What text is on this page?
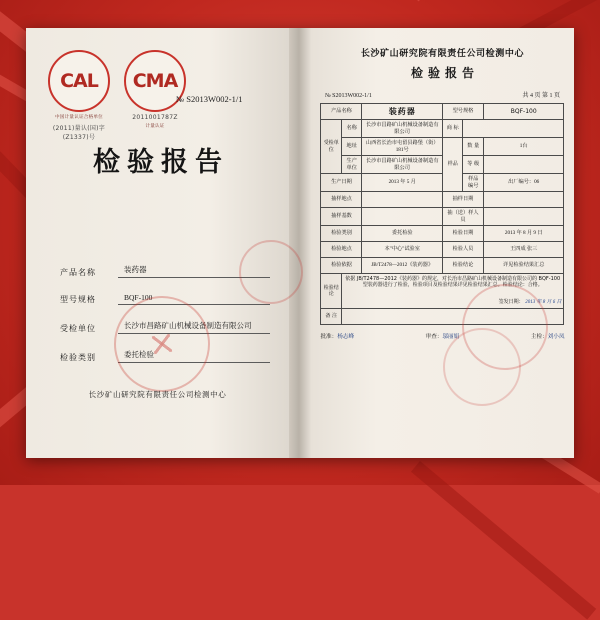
CAL
中国计量认证合格单位
(2011)量认(国)字(Z1337)号
CMA
2011001787Z
计量认证
№ S2013W002-1/1
检验报告
产品名称	装药器
型号规格	BQF-100
受检单位	长沙市昌路矿山机械设备制造有限公司
检验类别	委托检验
长沙矿山研究院有限责任公司检测中心
长沙矿山研究院有限责任公司检测中心
检验报告
№ S2013W002-1/1	共 4 页 第 1 页
产品名称		装药器	型号规格		BQF-100
受检单位	名称	长沙市昌路矿山机械设备制造有限公司	商 标		
	地址	山西省长治市屯留县路堡（街）181号	样品	数 量	1台
	生产单位	长沙市昌路矿山机械设备制造有限公司		等 级	
生产日期		2013 年 5 月		样品编号	出厂编号：06
抽样地点			抽样日期		
抽样基数			抽（送）样人员		
检验类别		委托检验	检验日期		2013 年 8 月 9 日
检验地点		本"中心"试验室	检验人员		王四成 张三
检验依据		JB/T2478—2012《装药器》	检验结论		详见检验结果汇总
检验结论	依据 JB/T2478—2012《装药器》的规定，对长治市昌路矿山机械设备制造有限公司的 BQF-100 型装药器进行了检验，检验项目及检验结果详见检验结果汇总。检验结论：合格。
签发日期： 2013 年 8 月 6 日				

备 注					
批准：杨志峰	审查：邬丽娟	主检：刘小凤
